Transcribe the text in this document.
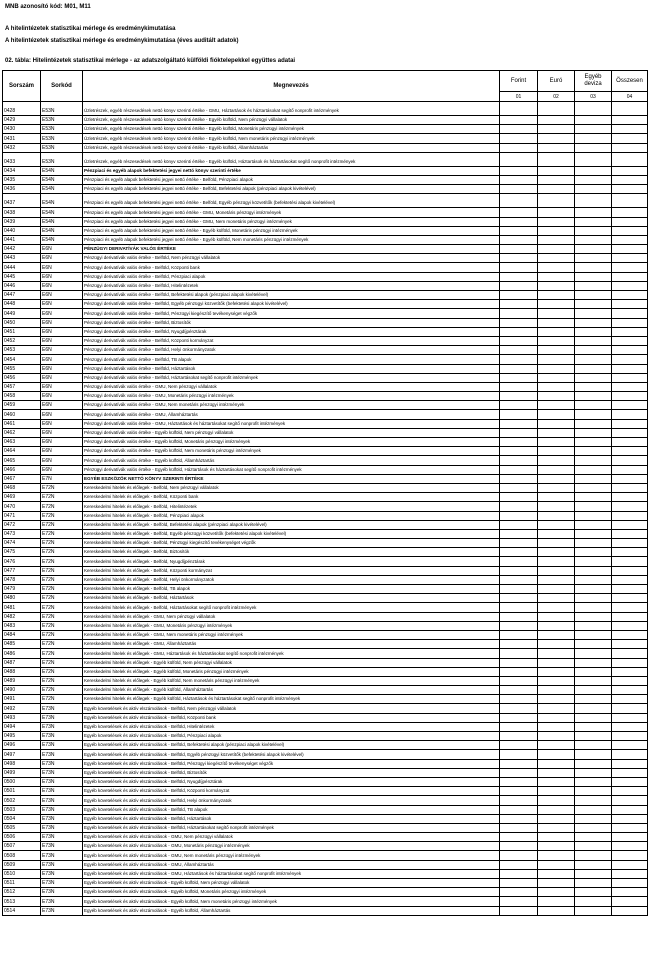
MNB azonosító kód: M01, M11
A hitelintézetek statisztikai mérlege és eredménykimutatása
A hitelintézetek statisztikai mérlege és eredménykimutatása (éves auditált adatok)
02. tábla: Hitelintézetek statisztikai mérlege - az adatszolgáltató külföldi fióktelepekkel együttes adatai
Sorszám	Sorkód	Megnevezés	Forint	Euró	Egyéb deviza	Összesen
			01	02	03	04
0428	E53N	Üzletrészek, egyéb részesedések nettó könyv szerinti értéke - GMU, Háztartások és háztartásokat segítő nonprofit intézmények				
0429	E53N	Üzletrészek, egyéb részesedések nettó könyv szerinti értéke - Egyéb külföld, Nem pénzügyi vállalatok				
0430	E53N	Üzletrészek, egyéb részesedések nettó könyv szerinti értéke - Egyéb külföld, Monetáris pénzügyi intézmények				
0431	E53N	Üzletrészek, egyéb részesedések nettó könyv szerinti értéke - Egyéb külföld, Nem monetáris pénzügyi intézmények				
0432	E53N	Üzletrészek, egyéb részesedések nettó könyv szerinti értéke - Egyéb külföld, Államháztartás				
0433	E53N	Üzletrészek, egyéb részesedések nettó könyv szerinti értéke - Egyéb külföld, Háztartások és háztartásokat segítő nonprofit intézmények				
0434	E54N	Pénzpiaci és egyéb alapok befektetési jegyei nettó könyv szerinti értéke				
0435	E54N	Pénzpiaci és egyéb alapok befektetési jegyei nettó értéke - Belföld, Pénzpiaci alapok				
0436	E54N	Pénzpiaci és egyéb alapok befektetési jegyei nettó értéke - Belföld, Befektetési alapok (pénzpiaci alapok kivételével)				
0437	E54N	Pénzpiaci és egyéb alapok befektetési jegyei nettó értéke - Belföld, Egyéb pénzügyi közvetítők (befektetési alapok kivételével)				
0438	E54N	Pénzpiaci és egyéb alapok befektetési jegyei nettó értéke - GMU, Monetáris pénzügyi intézmények				
0439	E54N	Pénzpiaci és egyéb alapok befektetési jegyei nettó értéke - GMU, Nem monetáris pénzügyi intézmények				
0440	E54N	Pénzpiaci és egyéb alapok befektetési jegyei nettó értéke - Egyéb külföld, Monetáris pénzügyi intézmények				
0441	E54N	Pénzpiaci és egyéb alapok befektetési jegyei nettó értéke - Egyéb külföld, Nem monetáris pénzügyi intézmények				
0442	E6N	PÉNZÜGYI DERIVATÍVÁK VALÓS ÉRTÉKE				
0443	E6N	Pénzügyi derivatívák valós értéke - Belföld, Nem pénzügyi vállalatok				
0444	E6N	Pénzügyi derivatívák valós értéke - Belföld, Központi bank				
0445	E6N	Pénzügyi derivatívák valós értéke - Belföld, Pénzpiaci alapok				
0446	E6N	Pénzügyi derivatívák valós értéke - Belföld, Hitelintézetek				
0447	E6N	Pénzügyi derivatívák valós értéke - Belföld, Befektetési alapok (pénzpiaci alapok kivételével)				
0448	E6N	Pénzügyi derivatívák valós értéke - Belföld, Egyéb pénzügyi közvetítők (befektetési alapok kivételével)				
0449	E6N	Pénzügyi derivatívák valós értéke - Belföld, Pénzügyi kiegészítő tevékenységet végzők				
0450	E6N	Pénzügyi derivatívák valós értéke - Belföld, Biztosítók				
0451	E6N	Pénzügyi derivatívák valós értéke - Belföld, Nyugdíjpénztárak				
0452	E6N	Pénzügyi derivatívák valós értéke - Belföld, Központi kormányzat				
0453	E6N	Pénzügyi derivatívák valós értéke - Belföld, Helyi önkormányzatok				
0454	E6N	Pénzügyi derivatívák valós értéke - Belföld, TB alapok				
0455	E6N	Pénzügyi derivatívák valós értéke - Belföld, Háztartások				
0456	E6N	Pénzügyi derivatívák valós értéke - Belföld, Háztartásokat segítő nonprofit intézmények				
0457	E6N	Pénzügyi derivatívák valós értéke - GMU, Nem pénzügyi vállalatok				
0458	E6N	Pénzügyi derivatívák valós értéke - GMU, Monetáris pénzügyi intézmények				
0459	E6N	Pénzügyi derivatívák valós értéke - GMU, Nem monetáris pénzügyi intézmények				
0460	E6N	Pénzügyi derivatívák valós értéke - GMU, Államháztartás				
0461	E6N	Pénzügyi derivatívák valós értéke - GMU, Háztartások és háztartásokat segítő nonprofit intézmények				
0462	E6N	Pénzügyi derivatívák valós értéke - Egyéb külföld, Nem pénzügyi vállalatok				
0463	E6N	Pénzügyi derivatívák valós értéke - Egyéb külföld, Monetáris pénzügyi intézmények				
0464	E6N	Pénzügyi derivatívák valós értéke - Egyéb külföld, Nem monetáris pénzügyi intézmények				
0465	E6N	Pénzügyi derivatívák valós értéke - Egyéb külföld, Államháztartás				
0466	E6N	Pénzügyi derivatívák valós értéke - Egyéb külföld, Háztartások és háztartásokat segítő nonprofit intézmények				
0467	E7N	EGYÉB ESZKÖZÖK NETTÓ KÖNYV SZERINTI ÉRTÉKE				
0468	E72N	Kereskedelmi hitelek és előlegek - Belföld, Nem pénzügyi vállalatok				
0469	E72N	Kereskedelmi hitelek és előlegek - Belföld, Központi bank				
0470	E72N	Kereskedelmi hitelek és előlegek - Belföld, Hitelintézetek				
0471	E72N	Kereskedelmi hitelek és előlegek - Belföld, Pénzpiaci alapok				
0472	E72N	Kereskedelmi hitelek és előlegek - Belföld, Befektetési alapok (pénzpiaci alapok kivételével)				
0473	E72N	Kereskedelmi hitelek és előlegek - Belföld, Egyéb pénzügyi közvetítők (befektetési alapok kivételével)				
0474	E72N	Kereskedelmi hitelek és előlegek - Belföld, Pénzügyi kiegészítő tevékenységet végzők				
0475	E72N	Kereskedelmi hitelek és előlegek - Belföld, Biztosítók				
0476	E72N	Kereskedelmi hitelek és előlegek - Belföld, Nyugdíjpénztárak				
0477	E72N	Kereskedelmi hitelek és előlegek - Belföld, Központi kormányzat				
0478	E72N	Kereskedelmi hitelek és előlegek - Belföld, Helyi önkormányzatok				
0479	E72N	Kereskedelmi hitelek és előlegek - Belföld, TB alapok				
0480	E72N	Kereskedelmi hitelek és előlegek - Belföld, Háztartások				
0481	E72N	Kereskedelmi hitelek és előlegek - Belföld, Háztartásokat segítő nonprofit intézmények				
0482	E72N	Kereskedelmi hitelek és előlegek - GMU, Nem pénzügyi vállalatok				
0483	E72N	Kereskedelmi hitelek és előlegek - GMU, Monetáris pénzügyi intézmények				
0484	E72N	Kereskedelmi hitelek és előlegek - GMU, Nem monetáris pénzügyi intézmények				
0485	E72N	Kereskedelmi hitelek és előlegek - GMU, Államháztartás				
0486	E72N	Kereskedelmi hitelek és előlegek - GMU, Háztartások és háztartásokat segítő nonprofit intézmények				
0487	E72N	Kereskedelmi hitelek és előlegek - Egyéb külföld, Nem pénzügyi vállalatok				
0488	E72N	Kereskedelmi hitelek és előlegek - Egyéb külföld, Monetáris pénzügyi intézmények				
0489	E72N	Kereskedelmi hitelek és előlegek - Egyéb külföld, Nem monetáris pénzügyi intézmények				
0490	E72N	Kereskedelmi hitelek és előlegek - Egyéb külföld, Államháztartás				
0491	E72N	Kereskedelmi hitelek és előlegek - Egyéb külföld, Háztartások és háztartásokat segítő nonprofit intézmények				
0492	E73N	Egyéb követelések és aktív elszámolások - Belföld, Nem pénzügyi vállalatok				
0493	E73N	Egyéb követelések és aktív elszámolások - Belföld, Központi bank				
0494	E73N	Egyéb követelések és aktív elszámolások - Belföld, Hitelintézetek				
0495	E73N	Egyéb követelések és aktív elszámolások - Belföld, Pénzpiaci alapok				
0496	E73N	Egyéb követelések és aktív elszámolások - Belföld, Befektetési alapok (pénzpiaci alapok kivételével)				
0497	E73N	Egyéb követelések és aktív elszámolások - Belföld, Egyéb pénzügyi közvetítők (befektetési alapok kivételével)				
0498	E73N	Egyéb követelések és aktív elszámolások - Belföld, Pénzügyi kiegészítő tevékenységet végzők				
0499	E73N	Egyéb követelések és aktív elszámolások - Belföld, Biztosítók				
0500	E73N	Egyéb követelések és aktív elszámolások - Belföld, Nyugdíjpénztárak				
0501	E73N	Egyéb követelések és aktív elszámolások - Belföld, Központi kormányzat				
0502	E73N	Egyéb követelések és aktív elszámolások - Belföld, Helyi önkormányzatok				
0503	E73N	Egyéb követelések és aktív elszámolások - Belföld, TB alapok				
0504	E73N	Egyéb követelések és aktív elszámolások - Belföld, Háztartások				
0505	E73N	Egyéb követelések és aktív elszámolások - Belföld, Háztartásokat segítő nonprofit intézmények				
0506	E73N	Egyéb követelések és aktív elszámolások - GMU, Nem pénzügyi vállalatok				
0507	E73N	Egyéb követelések és aktív elszámolások - GMU, Monetáris pénzügyi intézmények				
0508	E73N	Egyéb követelések és aktív elszámolások - GMU, Nem monetáris pénzügyi intézmények				
0509	E73N	Egyéb követelések és aktív elszámolások - GMU, Államháztartás				
0510	E73N	Egyéb követelések és aktív elszámolások - GMU, Háztartások és háztartásokat segítő nonprofit intézmények				
0511	E73N	Egyéb követelések és aktív elszámolások - Egyéb külföld, Nem pénzügyi vállalatok				
0512	E73N	Egyéb követelések és aktív elszámolások - Egyéb külföld, Monetáris pénzügyi intézmények				
0513	E73N	Egyéb követelések és aktív elszámolások - Egyéb külföld, Nem monetáris pénzügyi intézmények				
0514	E73N	Egyéb követelések és aktív elszámolások - Egyéb külföld, Államháztartás				
